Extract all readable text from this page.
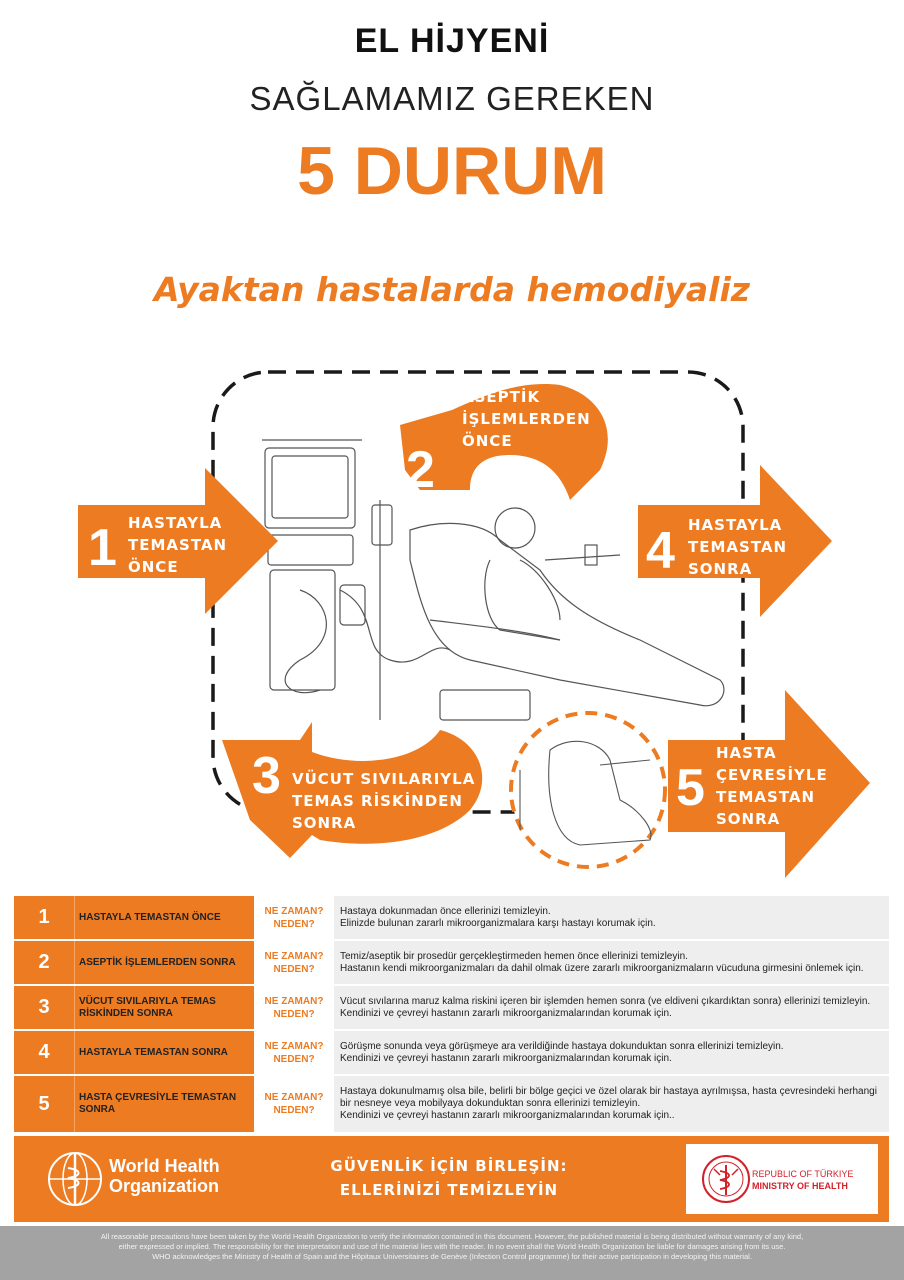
EL HİJYENİ
SAĞLAMAMIZ GEREKEN
5 DURUM
Ayaktan hastalarda hemodiyaliz
1 HASTAYLA
TEMASTAN
ÖNCE
2
ASEPTİK
İŞLEMLERDEN
ÖNCE
3 VÜCUT SIVILARIYLA
TEMAS RİSKİNDEN
SONRA
4 HASTAYLA
TEMASTAN
SONRA
5
HASTA
ÇEVRESİYLE
TEMASTAN
SONRA
1	HASTAYLA TEMASTAN ÖNCE
NE ZAMAN?
NEDEN?
Hastaya dokunmadan önce ellerinizi temizleyin.
Elinizde bulunan zararlı mikroorganizmalara karşı hastayı korumak için.
2	ASEPTİK İŞLEMLERDEN SONRA
NE ZAMAN?
NEDEN?
Temiz/aseptik bir prosedür gerçekleştirmeden hemen önce ellerinizi temizleyin.
Hastanın kendi mikroorganizmaları da dahil olmak üzere zararlı mikroorganizmaların vücuduna girmesini önlemek için.
3	VÜCUT SIVILARIYLA TEMAS RİSKİNDEN SONRA
NE ZAMAN?
NEDEN?
Vücut sıvılarına maruz kalma riskini içeren bir işlemden hemen sonra (ve eldiveni çıkardıktan sonra) ellerinizi temizleyin.
Kendinizi ve çevreyi hastanın zararlı mikroorganizmalarından korumak için.
4	HASTAYLA TEMASTAN SONRA
NE ZAMAN?
NEDEN?
Görüşme sonunda veya görüşmeye ara verildiğinde hastaya dokunduktan sonra ellerinizi temizleyin.
Kendinizi ve çevreyi hastanın zararlı mikroorganizmalarından korumak için.
5	HASTA ÇEVRESİYLE TEMASTAN SONRA
NE ZAMAN?
NEDEN?
Hastaya dokunulmamış olsa bile, belirli bir bölge geçici ve özel olarak bir hastaya ayrılmışsa, hasta çevresindeki herhangi bir nesneye veya mobilyaya dokunduktan sonra ellerinizi temizleyin.
Kendinizi ve çevreyi hastanın zararlı mikroorganizmalarından korumak için..
World Health
Organization
GÜVENLİK İÇİN BİRLEŞİN:
ELLERİNİZİ TEMİZLEYİN
REPUBLIC OF TÜRKIYE
MINISTRY OF HEALTH
All reasonable precautions have been taken by the World Health Organization to verify the information contained in this document. However, the published material is being distributed without warranty of any kind,
either expressed or implied. The responsibility for the interpretation and use of the material lies with the reader. In no event shall the World Health Organization be liable for damages arising from its use.
WHO acknowledges the Ministry of Health of Spain and the Hôpitaux Universitaires de Genève (Infection Control programme) for their active participation in developing this material.
